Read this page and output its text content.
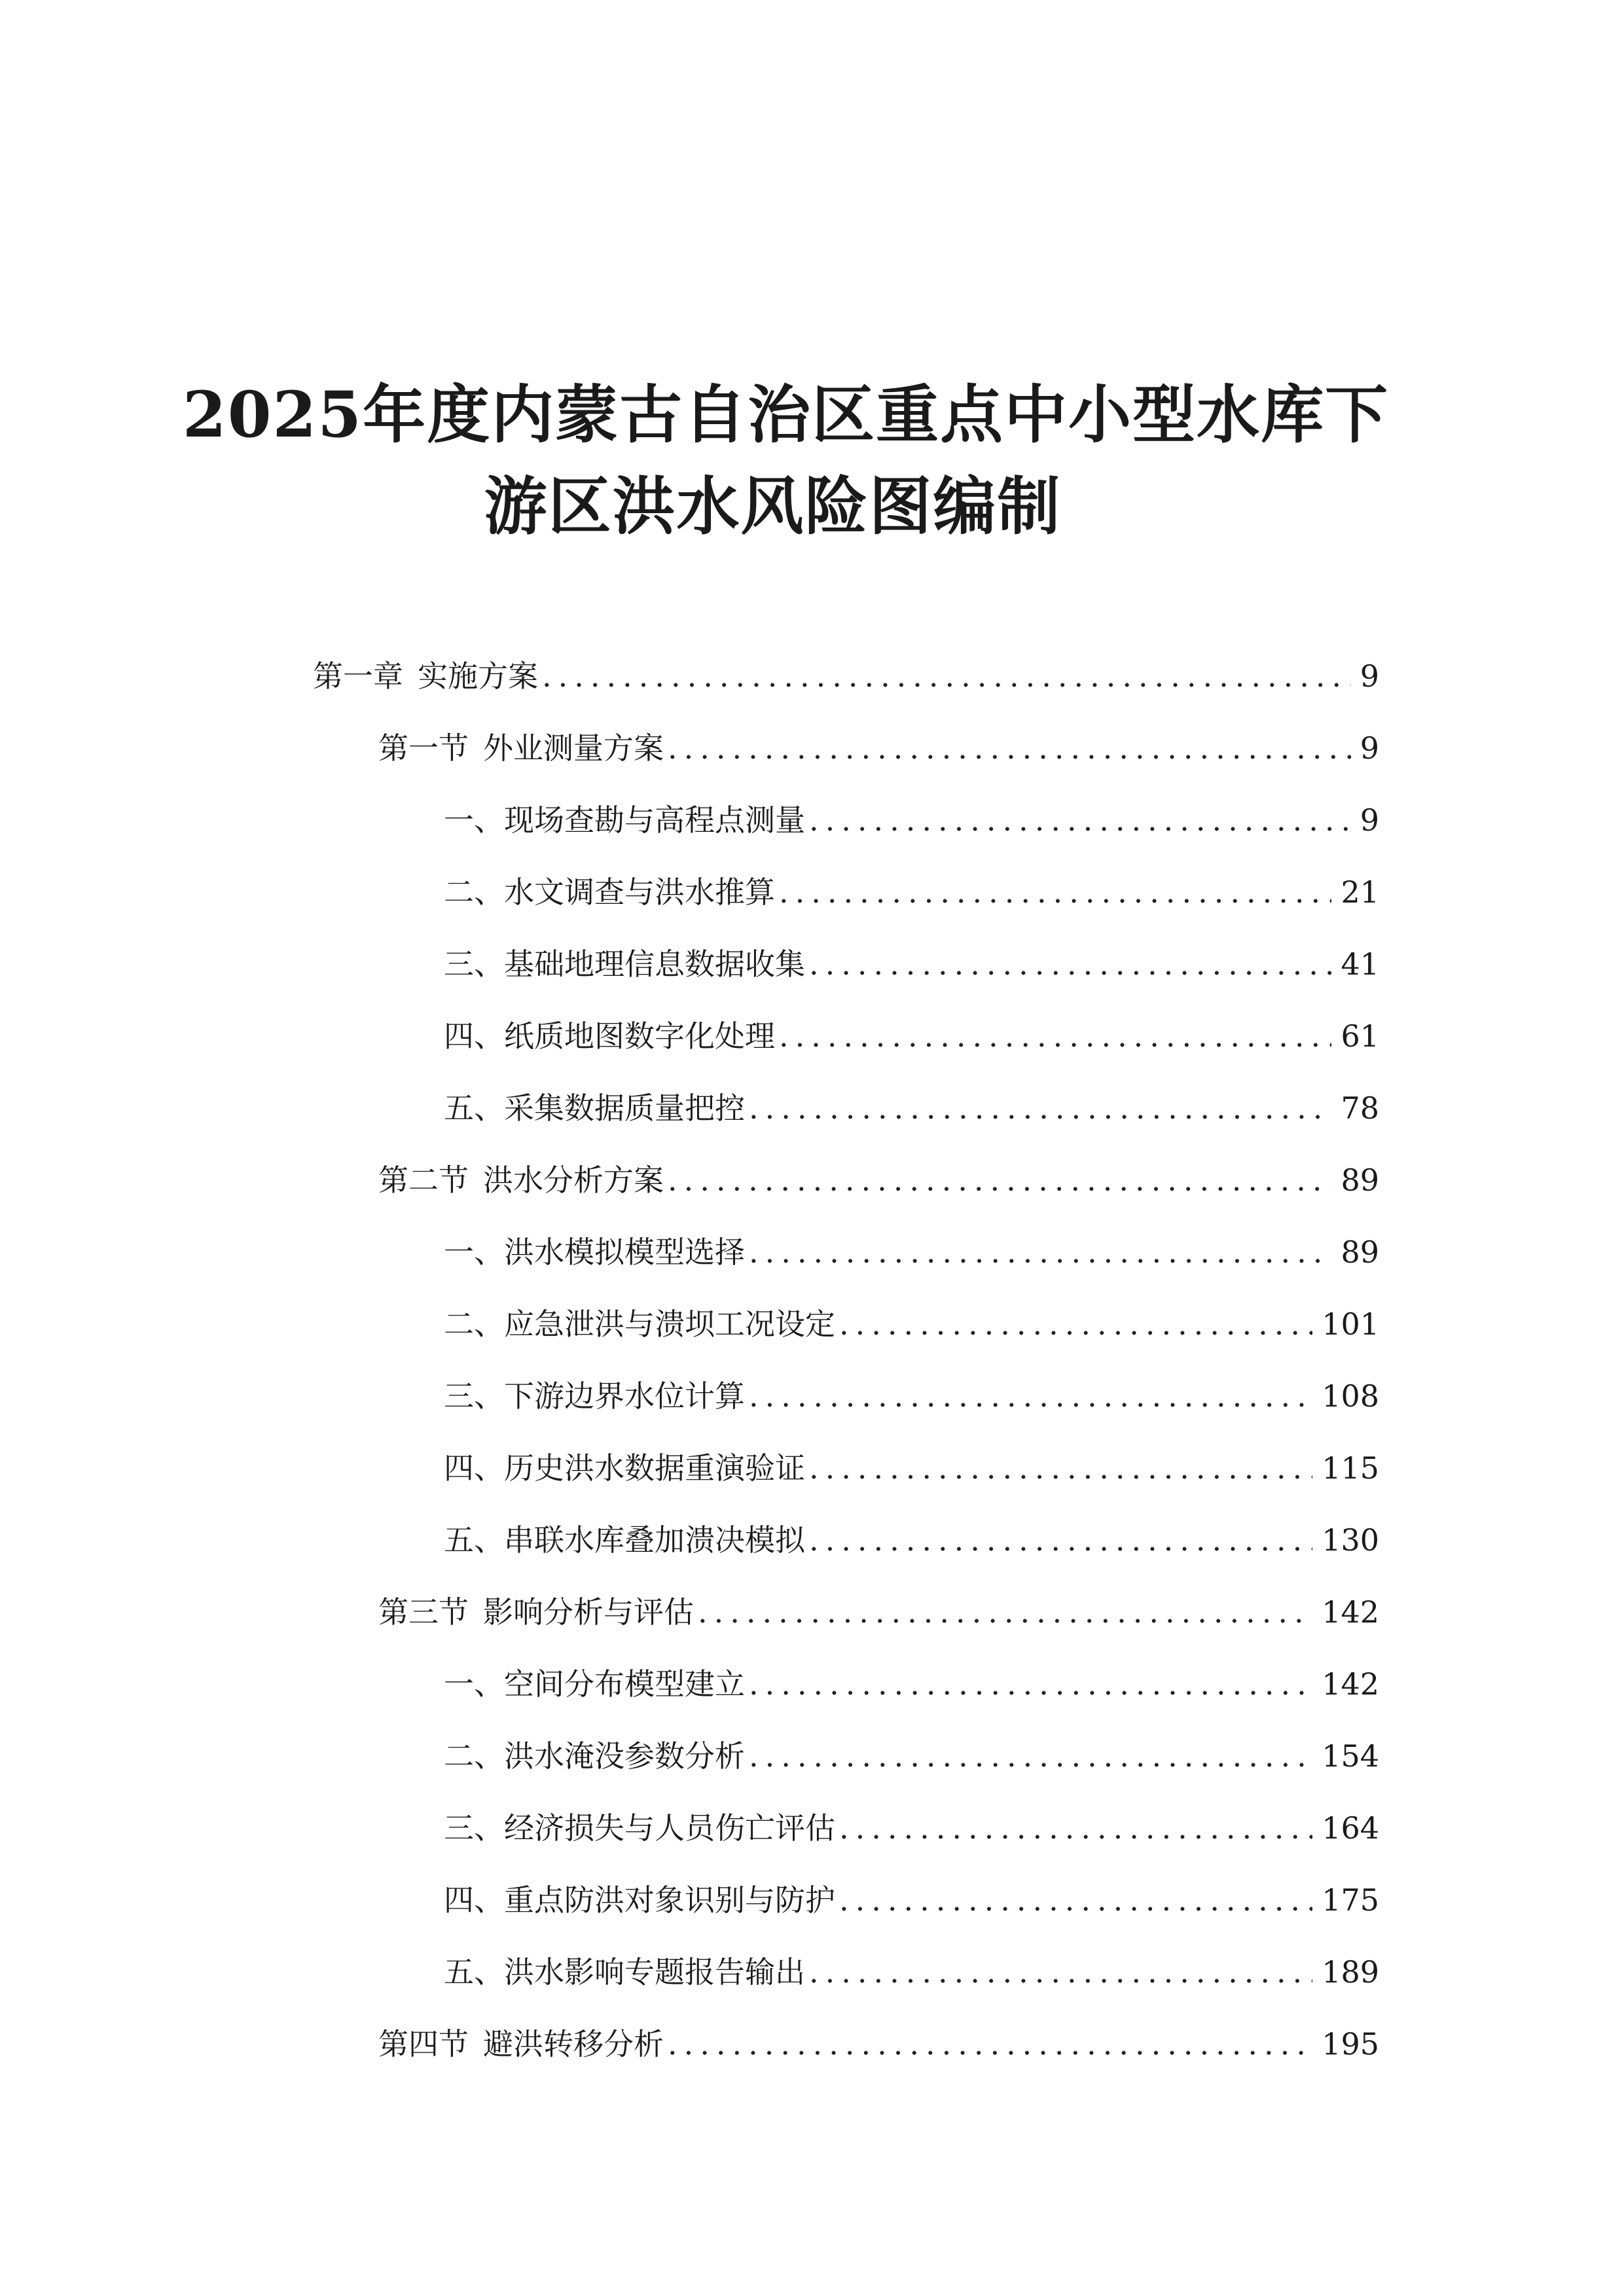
2025年度内蒙古自治区重点中小型水库下
游区洪水风险图编制
第一章 实施方案 .....	9
第一节 外业测量方案 .....	9
一、 现场查勘与高程点测量 .....	9
二、 水文调查与洪水推算 .....	21
三、 基础地理信息数据收集 .....	41
四、 纸质地图数字化处理 .....	61
五、 采集数据质量把控 .....	78
第二节 洪水分析方案 .....	89
一、 洪水模拟模型选择 .....	89
二、 应急泄洪与溃坝工况设定 .....	101
三、 下游边界水位计算 .....	108
四、 历史洪水数据重演验证 .....	115
五、 串联水库叠加溃决模拟 .....	130
第三节 影响分析与评估 .....	142
一、 空间分布模型建立 .....	142
二、 洪水淹没参数分析 .....	154
三、 经济损失与人员伤亡评估 .....	164
四、 重点防洪对象识别与防护 .....	175
五、 洪水影响专题报告输出 .....	189
第四节 避洪转移分析 .....	195
